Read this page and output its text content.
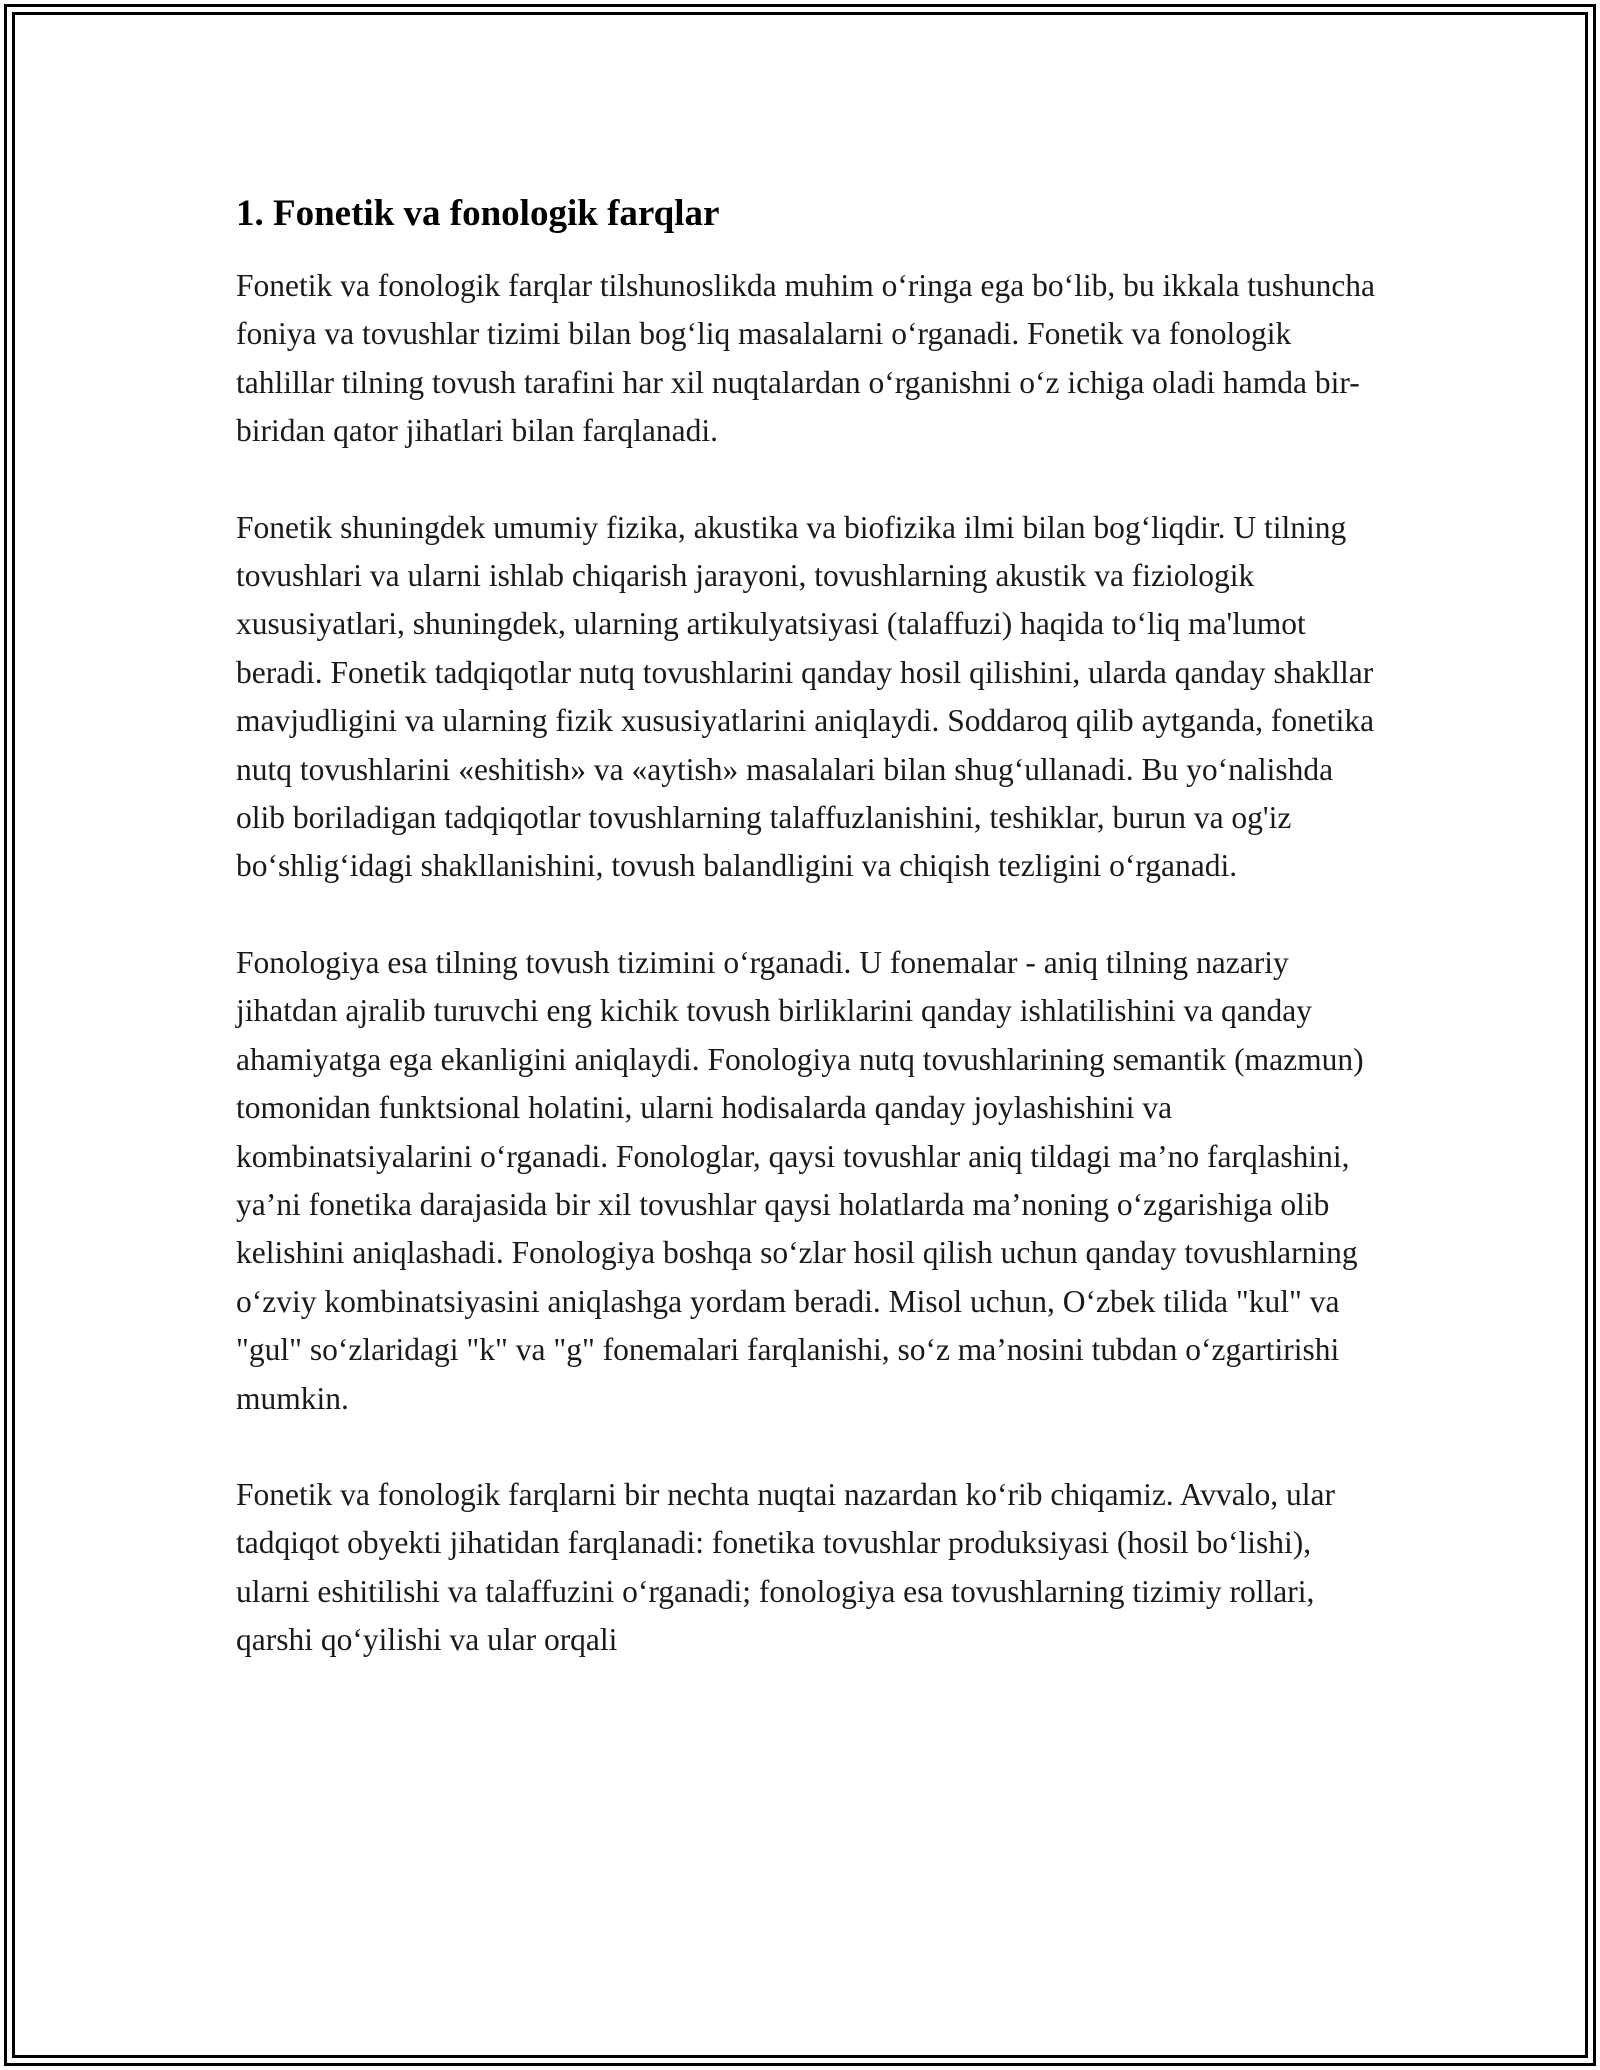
1. Fonetik va fonologik farqlar

Fonetik va fonologik farqlar tilshunoslikda muhim o‘ringa ega bo‘lib, bu ikkala tushuncha foniya va tovushlar tizimi bilan bog‘liq masalalarni o‘rganadi. Fonetik va fonologik tahlillar tilning tovush tarafini har xil nuqtalardan o‘rganishni o‘z ichiga oladi hamda bir-biridan qator jihatlari bilan farqlanadi.

Fonetik shuningdek umumiy fizika, akustika va biofizika ilmi bilan bog‘liqdir. U tilning tovushlari va ularni ishlab chiqarish jarayoni, tovushlarning akustik va fiziologik xususiyatlari, shuningdek, ularning artikulyatsiyasi (talaffuzi) haqida to‘liq ma'lumot beradi. Fonetik tadqiqotlar nutq tovushlarini qanday hosil qilishini, ularda qanday shakllar mavjudligini va ularning fizik xususiyatlarini aniqlaydi. Soddaroq qilib aytganda, fonetika nutq tovushlarini «eshitish» va «aytish» masalalari bilan shug‘ullanadi. Bu yo‘nalishda olib boriladigan tadqiqotlar tovushlarning talaffuzlanishini, teshiklar, burun va og'iz bo‘shlig‘idagi shakllanishini, tovush balandligini va chiqish tezligini o‘rganadi.

Fonologiya esa tilning tovush tizimini o‘rganadi. U fonemalar - aniq tilning nazariy jihatdan ajralib turuvchi eng kichik tovush birliklarini qanday ishlatilishini va qanday ahamiyatga ega ekanligini aniqlaydi. Fonologiya nutq tovushlarining semantik (mazmun) tomonidan funktsional holatini, ularni hodisalarda qanday joylashishini va kombinatsiyalarini o‘rganadi. Fonologlar, qaysi tovushlar aniq tildagi ma’no farqlashini, ya’ni fonetika darajasida bir xil tovushlar qaysi holatlarda ma’noning o‘zgarishiga olib kelishini aniqlashadi. Fonologiya boshqa so‘zlar hosil qilish uchun qanday tovushlarning o‘zviy kombinatsiyasini aniqlashga yordam beradi. Misol uchun, O‘zbek tilida "kul" va "gul" so‘zlaridagi "k" va "g" fonemalari farqlanishi, so‘z ma’nosini tubdan o‘zgartirishi mumkin.

Fonetik va fonologik farqlarni bir nechta nuqtai nazardan ko‘rib chiqamiz. Avvalo, ular tadqiqot obyekti jihatidan farqlanadi: fonetika tovushlar produksiyasi (hosil bo‘lishi), ularni eshitilishi va talaffuzini o‘rganadi; fonologiya esa tovushlarning tizimiy rollari, qarshi qo‘yilishi va ular orqali
